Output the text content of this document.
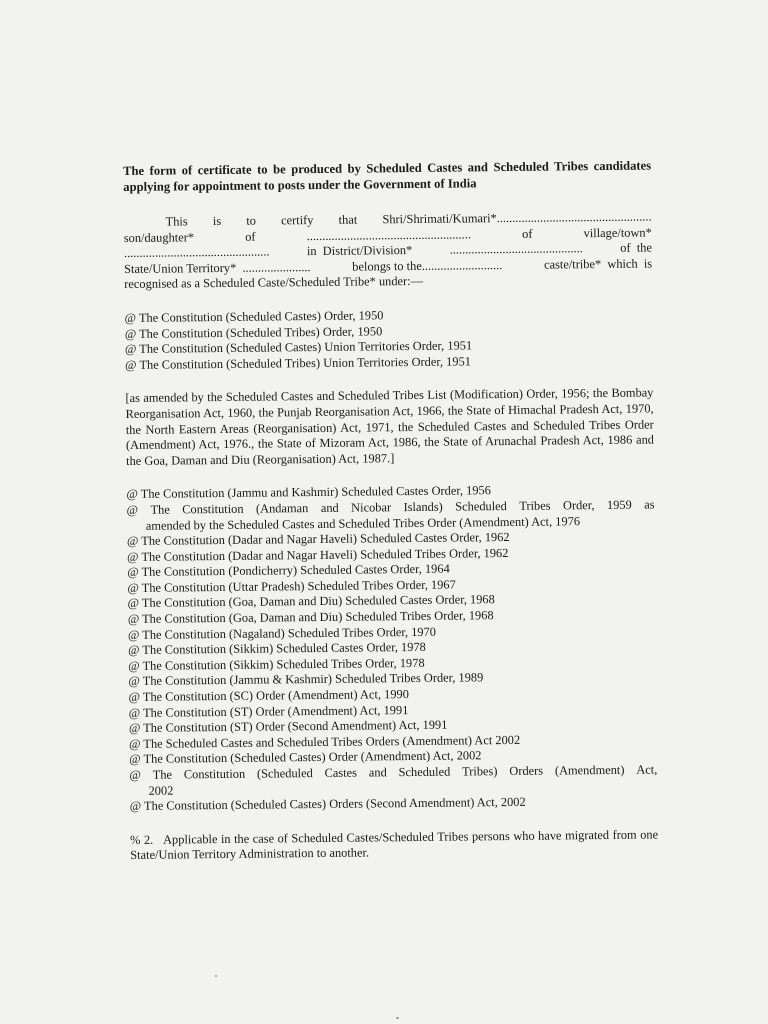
The form of certificate to be produced by Scheduled Castes and Scheduled Tribes candidates applying for appointment to posts under the Government of India
This is to certify that Shri/Shrimati/Kumari*..................................................
son/daughter*	of	.....................................................	of	village/town*
...............................................	in  District/Division*	...........................................	of  the
State/Union Territory*  ......................	belongs to the..........................	caste/tribe*  which  is
recognised as a Scheduled Caste/Scheduled Tribe* under:—
@ The Constitution (Scheduled Castes) Order, 1950
@ The Constitution (Scheduled Tribes) Order, 1950
@ The Constitution (Scheduled Castes) Union Territories Order, 1951
@ The Constitution (Scheduled Tribes) Union Territories Order, 1951
[as amended by the Scheduled Castes and Scheduled Tribes List (Modification) Order, 1956; the Bombay Reorganisation Act, 1960, the Punjab Reorganisation Act, 1966, the State of Himachal Pradesh Act, 1970, the North Eastern Areas (Reorganisation) Act, 1971, the Scheduled Castes and Scheduled Tribes Order (Amendment) Act, 1976., the State of Mizoram Act, 1986, the State of Arunachal Pradesh Act, 1986 and the Goa, Daman and Diu (Reorganisation) Act, 1987.]
@ The Constitution (Jammu and Kashmir) Scheduled Castes Order, 1956
@ The Constitution (Andaman and Nicobar Islands) Scheduled Tribes Order, 1959 as
amended by the Scheduled Castes and Scheduled Tribes Order (Amendment) Act, 1976
@ The Constitution (Dadar and Nagar Haveli) Scheduled Castes Order, 1962
@ The Constitution (Dadar and Nagar Haveli) Scheduled Tribes Order, 1962
@ The Constitution (Pondicherry) Scheduled Castes Order, 1964
@ The Constitution (Uttar Pradesh) Scheduled Tribes Order, 1967
@ The Constitution (Goa, Daman and Diu) Scheduled Castes Order, 1968
@ The Constitution (Goa, Daman and Diu) Scheduled Tribes Order, 1968
@ The Constitution (Nagaland) Scheduled Tribes Order, 1970
@ The Constitution (Sikkim) Scheduled Castes Order, 1978
@ The Constitution (Sikkim) Scheduled Tribes Order, 1978
@ The Constitution (Jammu & Kashmir) Scheduled Tribes Order, 1989
@ The Constitution (SC) Order (Amendment) Act, 1990
@ The Constitution (ST) Order (Amendment) Act, 1991
@ The Constitution (ST) Order (Second Amendment) Act, 1991
@ The Scheduled Castes and Scheduled Tribes Orders (Amendment) Act 2002
@ The Constitution (Scheduled Castes) Order (Amendment) Act, 2002
@ The Constitution (Scheduled Castes and Scheduled Tribes) Orders (Amendment) Act,
2002
@ The Constitution (Scheduled Castes) Orders (Second Amendment) Act, 2002
% 2.   Applicable in the case of Scheduled Castes/Scheduled Tribes persons who have migrated from one State/Union Territory Administration to another.
